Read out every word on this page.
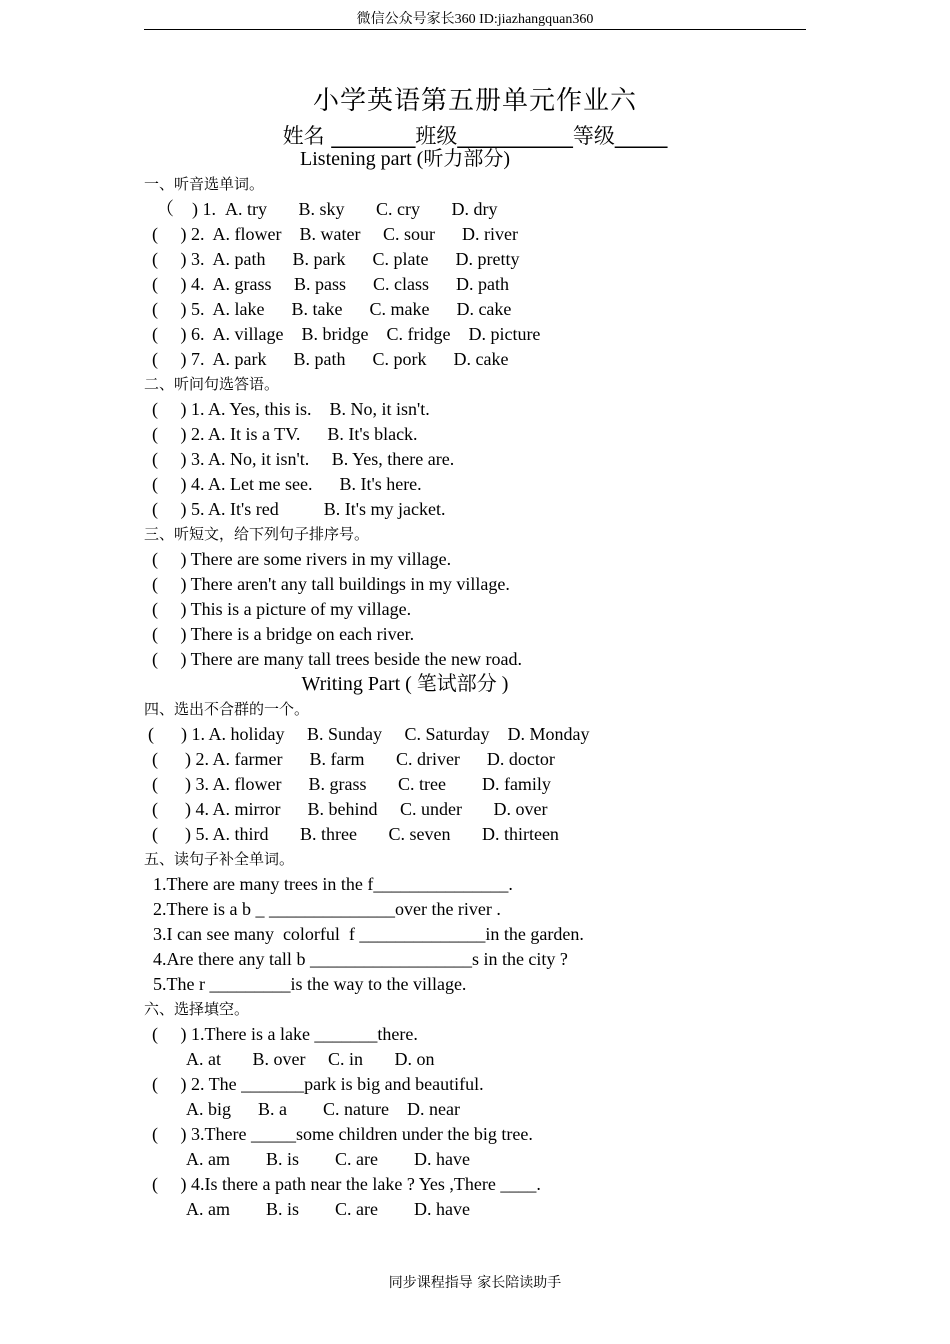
微信公众号家长360 ID:jiazhangquan360
小学英语第五册单元作业六
姓名 ________班级___________等级_____
Listening part (听力部分)
一、听音选单词。
（    ) 1.  A. try       B. sky       C. cry       D. dry
(     ) 2.  A. flower    B. water     C. sour      D. river
(     ) 3.  A. path      B. park      C. plate      D. pretty
(     ) 4.  A. grass     B. pass      C. class      D. path
(     ) 5.  A. lake      B. take      C. make      D. cake
(     ) 6.  A. village    B. bridge    C. fridge    D. picture
(     ) 7.  A. park      B. path      C. pork      D. cake
二、听问句选答语。
(     ) 1. A. Yes, this is.    B. No, it isn't.
(     ) 2. A. It is a TV.      B. It's black.
(     ) 3. A. No, it isn't.     B. Yes, there are.
(     ) 4. A. Let me see.      B. It's here.
(     ) 5. A. It's red          B. It's my jacket.
三、听短文，给下列句子排序号。
(     ) There are some rivers in my village.
(     ) There aren't any tall buildings in my village.
(     ) This is a picture of my village.
(     ) There is a bridge on each river.
(     ) There are many tall trees beside the new road.
Writing Part ( 笔试部分 )
四、选出不合群的一个。
(      ) 1. A. holiday     B. Sunday     C. Saturday    D. Monday
(      ) 2. A. farmer      B. farm       C. driver      D. doctor
(      ) 3. A. flower      B. grass       C. tree        D. family
(      ) 4. A. mirror      B. behind     C. under       D. over
(      ) 5. A. third       B. three       C. seven       D. thirteen
五、读句子补全单词。
1.There are many trees in the f_______________.
2.There is a b _ ______________over the river .
3.I can see many  colorful  f ______________in the garden.
4.Are there any tall b __________________s in the city ?
5.The r _________is the way to the village.
六、选择填空。
(     ) 1.There is a lake _______there.
A. at       B. over     C. in       D. on
(     ) 2. The _______park is big and beautiful.
A. big      B. a        C. nature    D. near
(     ) 3.There _____some children under the big tree.
A. am        B. is        C. are        D. have
(     ) 4.Is there a path near the lake ? Yes ,There ____.
A. am        B. is        C. are        D. have
同步课程指导 家长陪读助手
